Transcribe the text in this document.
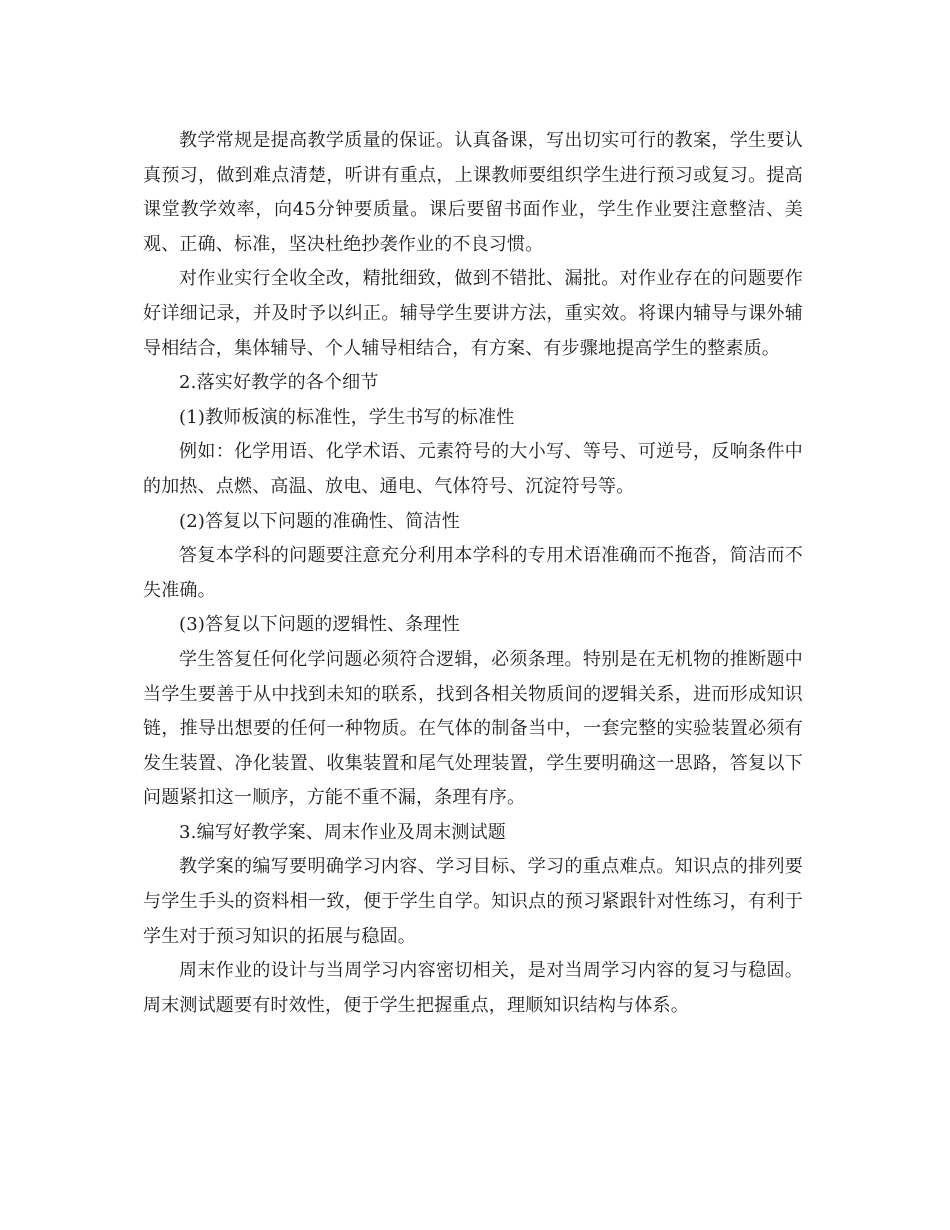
教学常规是提高教学质量的保证。认真备课，写出切实可行的教案，学生要认真预习，做到难点清楚，听讲有重点，上课教师要组织学生进行预习或复习。提高课堂教学效率，向45分钟要质量。课后要留书面作业，学生作业要注意整洁、美观、正确、标准，坚决杜绝抄袭作业的不良习惯。

对作业实行全收全改，精批细致，做到不错批、漏批。对作业存在的问题要作好详细记录，并及时予以纠正。辅导学生要讲方法，重实效。将课内辅导与课外辅导相结合，集体辅导、个人辅导相结合，有方案、有步骤地提高学生的整素质。

2.落实好教学的各个细节

(1)教师板演的标准性，学生书写的标准性

例如：化学用语、化学术语、元素符号的大小写、等号、可逆号，反响条件中的加热、点燃、高温、放电、通电、气体符号、沉淀符号等。

(2)答复以下问题的准确性、简洁性

答复本学科的问题要注意充分利用本学科的专用术语准确而不拖沓，简洁而不失准确。

(3)答复以下问题的逻辑性、条理性

学生答复任何化学问题必须符合逻辑，必须条理。特别是在无机物的推断题中当学生要善于从中找到未知的联系，找到各相关物质间的逻辑关系，进而形成知识链，推导出想要的任何一种物质。在气体的制备当中，一套完整的实验装置必须有发生装置、净化装置、收集装置和尾气处理装置，学生要明确这一思路，答复以下问题紧扣这一顺序，方能不重不漏，条理有序。

3.编写好教学案、周末作业及周末测试题

教学案的编写要明确学习内容、学习目标、学习的重点难点。知识点的排列要与学生手头的资料相一致，便于学生自学。知识点的预习紧跟针对性练习，有利于学生对于预习知识的拓展与稳固。

周末作业的设计与当周学习内容密切相关，是对当周学习内容的复习与稳固。周末测试题要有时效性，便于学生把握重点，理顺知识结构与体系。
